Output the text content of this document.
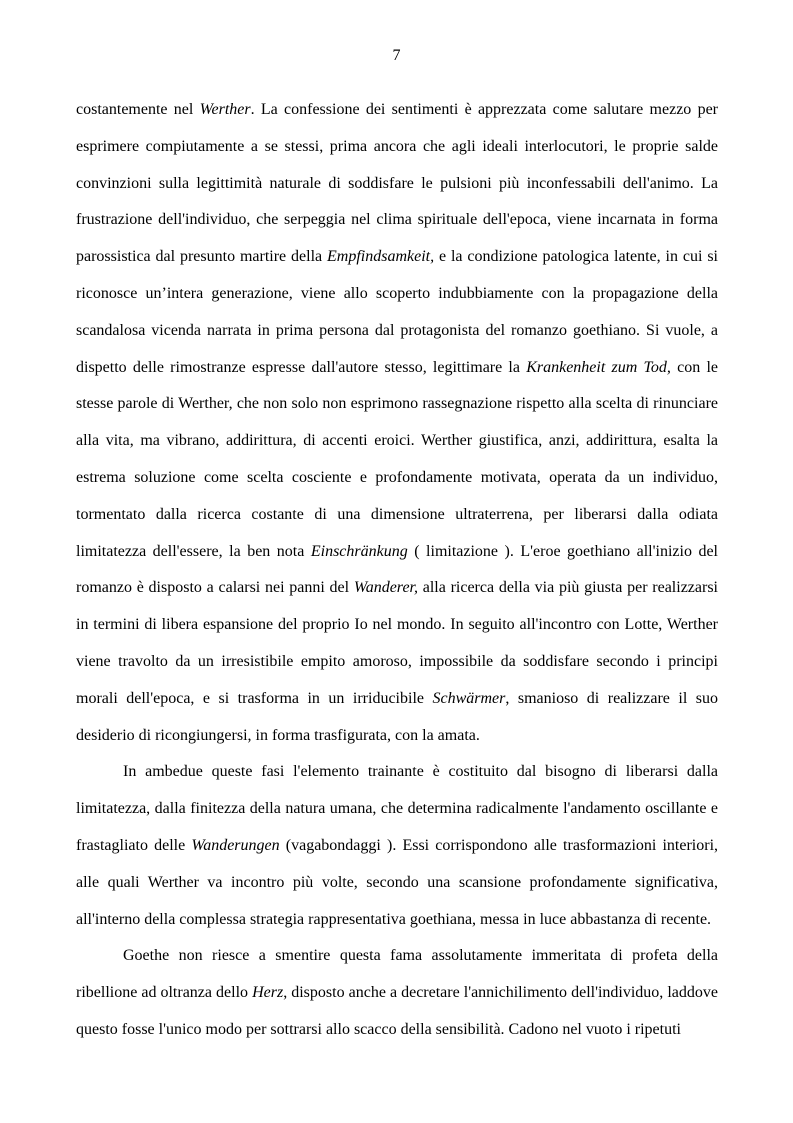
7

costantemente nel Werther. La confessione dei sentimenti è apprezzata come salutare mezzo per esprimere compiutamente a se stessi, prima ancora che agli ideali interlocutori, le proprie salde convinzioni sulla legittimità naturale di soddisfare le pulsioni più inconfessabili dell'animo. La frustrazione dell'individuo, che serpeggia nel clima spirituale dell'epoca, viene incarnata in forma parossistica dal presunto martire della Empfindsamkeit, e la condizione patologica latente, in cui si riconosce un’intera generazione, viene allo scoperto indubbiamente con la propagazione della scandalosa vicenda narrata in prima persona dal protagonista del romanzo goethiano. Si vuole, a dispetto delle rimostranze espresse dall'autore stesso, legittimare la Krankenheit zum Tod, con le stesse parole di Werther, che non solo non esprimono rassegnazione rispetto alla scelta di rinunciare alla vita, ma vibrano, addirittura, di accenti eroici. Werther giustifica, anzi, addirittura, esalta la estrema soluzione come scelta cosciente e profondamente motivata, operata da un individuo, tormentato dalla ricerca costante di una dimensione ultraterrena, per liberarsi dalla odiata limitatezza dell'essere, la ben nota Einschränkung ( limitazione ). L'eroe goethiano all'inizio del romanzo è disposto a calarsi nei panni del Wanderer, alla ricerca della via più giusta per realizzarsi in termini di libera espansione del proprio Io nel mondo. In seguito all'incontro con Lotte, Werther viene travolto da un irresistibile empito amoroso, impossibile da soddisfare secondo i principi morali dell'epoca, e si trasforma in un irriducibile Schwärmer, smanioso di realizzare il suo desiderio di ricongiungersi, in forma trasfigurata, con la amata.

In ambedue queste fasi l'elemento trainante è costituito dal bisogno di liberarsi dalla limitatezza, dalla finitezza della natura umana, che determina radicalmente l'andamento oscillante e frastagliato delle Wanderungen (vagabondaggi ). Essi corrispondono alle trasformazioni interiori, alle quali Werther va incontro più volte, secondo una scansione profondamente significativa, all'interno della complessa strategia rappresentativa goethiana, messa in luce abbastanza di recente.

Goethe non riesce a smentire questa fama assolutamente immeritata di profeta della ribellione ad oltranza dello Herz, disposto anche a decretare l'annichilimento dell'individuo, laddove questo fosse l'unico modo per sottrarsi allo scacco della sensibilità. Cadono nel vuoto i ripetuti
